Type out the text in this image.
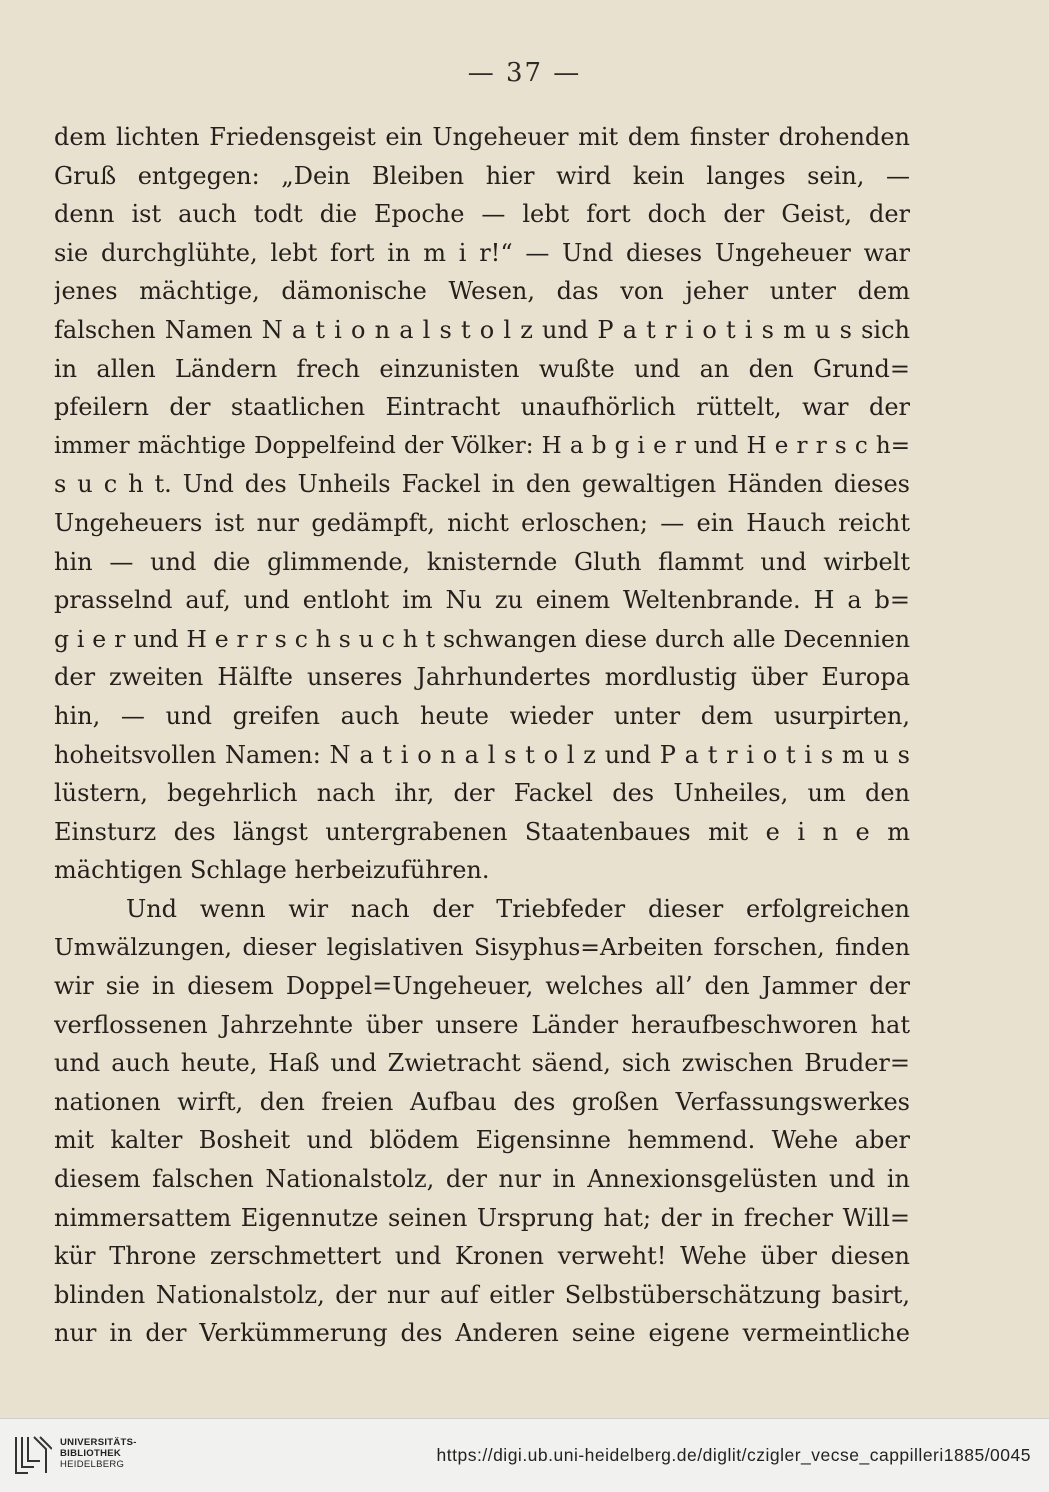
— 37 —
dem lichten Friedensgeist ein Ungeheuer mit dem finster drohenden
Gruß entgegen: „Dein Bleiben hier wird kein langes sein, —
denn ist auch todt die Epoche — lebt fort doch der Geist, der
sie durchglühte, lebt fort in m i r!“ — Und dieses Ungeheuer war
jenes mächtige, dämonische Wesen, das von jeher unter dem
falschen Namen N a t i o n a l s t o l z und P a t r i o t i s m u s sich
in allen Ländern frech einzunisten wußte und an den Grund=
pfeilern der staatlichen Eintracht unaufhörlich rüttelt, war der
immer mächtige Doppelfeind der Völker: H a b g i e r und H e r r s c h=
s u c h t. Und des Unheils Fackel in den gewaltigen Händen dieses
Ungeheuers ist nur gedämpft, nicht erloschen; — ein Hauch reicht
hin — und die glimmende, knisternde Gluth flammt und wirbelt
prasselnd auf, und entloht im Nu zu einem Weltenbrande. H a b=
g i e r und H e r r s c h s u c h t schwangen diese durch alle Decennien
der zweiten Hälfte unseres Jahrhundertes mordlustig über Europa
hin, — und greifen auch heute wieder unter dem usurpirten,
hoheitsvollen Namen: N a t i o n a l s t o l z und P a t r i o t i s m u s
lüstern, begehrlich nach ihr, der Fackel des Unheiles, um den
Einsturz des längst untergrabenen Staatenbaues mit e i n e m
mächtigen Schlage herbeizuführen.
Und wenn wir nach der Triebfeder dieser erfolgreichen
Umwälzungen, dieser legislativen Sisyphus=Arbeiten forschen, finden
wir sie in diesem Doppel=Ungeheuer, welches all’ den Jammer der
verflossenen Jahrzehnte über unsere Länder heraufbeschworen hat
und auch heute, Haß und Zwietracht säend, sich zwischen Bruder=
nationen wirft, den freien Aufbau des großen Verfassungswerkes
mit kalter Bosheit und blödem Eigensinne hemmend. Wehe aber
diesem falschen Nationalstolz, der nur in Annexionsgelüsten und in
nimmersattem Eigennutze seinen Ursprung hat; der in frecher Will=
kür Throne zerschmettert und Kronen verweht! Wehe über diesen
blinden Nationalstolz, der nur auf eitler Selbstüberschätzung basirt,
nur in der Verkümmerung des Anderen seine eigene vermeintliche
UNIVERSITÄTS-
BIBLIOTHEK
HEIDELBERG	https://digi.ub.uni-heidelberg.de/diglit/czigler_vecse_cappilleri1885/0045
